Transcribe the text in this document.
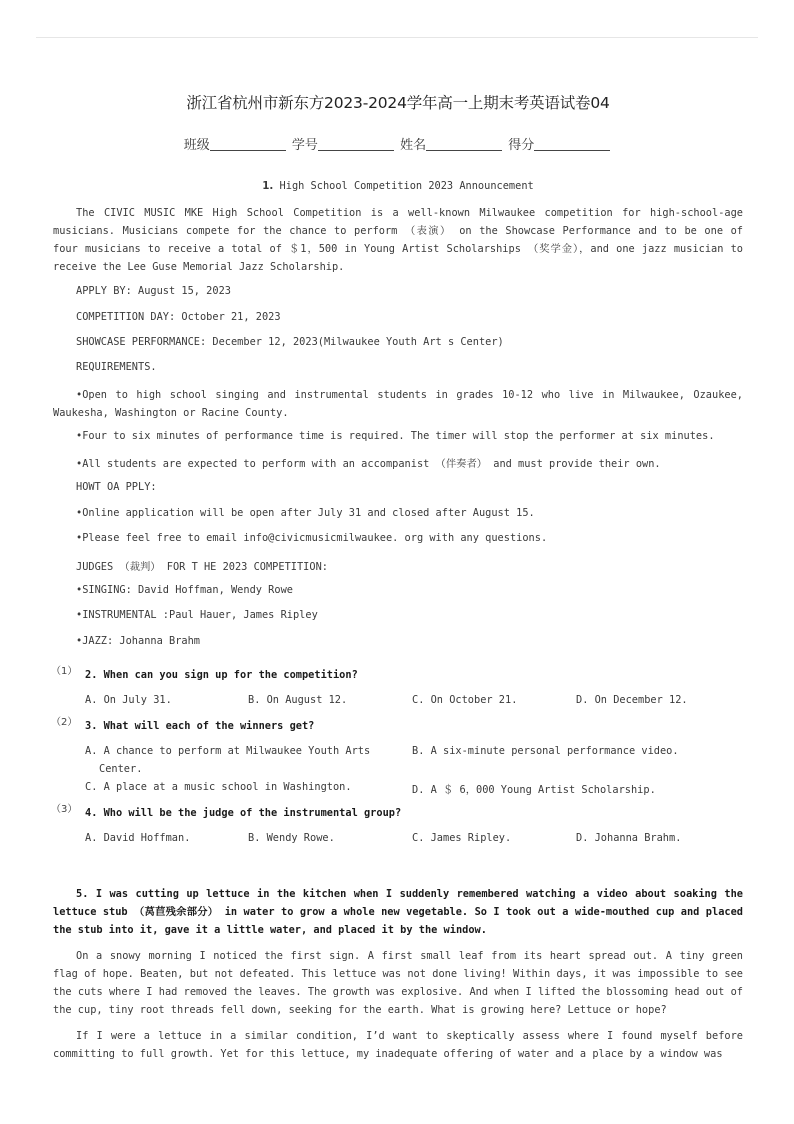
浙江省杭州市新东方2023-2024学年高一上期末考英语试卷04
班级	学号	姓名	得分
1. High School Competition 2023 Announcement
The CIVIC MUSIC MKE High School Competition is a well-known Milwaukee competition for high-school-age musicians. Musicians compete for the chance to perform （表演） on the Showcase Performance and to be one of four musicians to receive a total of ＄1，500 in Young Artist Scholarships （奖学金），and one jazz musician to receive the Lee Guse Memorial Jazz Scholarship.
APPLY BY: August 15, 2023
COMPETITION DAY: October 21, 2023
SHOWCASE PERFORMANCE: December 12, 2023(Milwaukee Youth Art s Center)
REQUIREMENTS.
•Open to high school singing and instrumental students in grades 10-12 who live in Milwaukee, Ozaukee, Waukesha, Washington or Racine County.
•Four to six minutes of performance time is required. The timer will stop the performer at six minutes.
•All students are expected to perform with an accompanist （伴奏者） and must provide their own.
HOWT OA PPLY:
•Online application will be open after July 31 and closed after August 15.
•Please feel free to email info@civicmusicmilwaukee. org with any questions.
JUDGES （裁判） FOR T HE 2023 COMPETITION:
•SINGING: David Hoffman, Wendy Rowe
•INSTRUMENTAL :Paul Hauer, James Ripley
•JAZZ: Johanna Brahm
（1） 2. When can you sign up for the competition?
A. On July 31.	B. On August 12.	C. On October 21.	D. On December 12.
（2） 3. What will each of the winners get?
A. A chance to perform at Milwaukee Youth Arts
Center.
B. A six-minute personal performance video.
C. A place at a music school in Washington.	D. A ＄ 6，000 Young Artist Scholarship.
（3） 4. Who will be the judge of the instrumental group?
A. David Hoffman.	B. Wendy Rowe.	C. James Ripley.	D. Johanna Brahm.
5. I was cutting up lettuce in the kitchen when I suddenly remembered watching a video about soaking the lettuce stub （莴苣残余部分） in water to grow a whole new vegetable. So I took out a wide-mouthed cup and placed the stub into it, gave it a little water, and placed it by the window.
On a snowy morning I noticed the first sign. A first small leaf from its heart spread out. A tiny green flag of hope. Beaten, but not defeated. This lettuce was not done living! Within days, it was impossible to see the cuts where I had removed the leaves. The growth was explosive. And when I lifted the blossoming head out of the cup, tiny root threads fell down, seeking for the earth. What is growing here? Lettuce or hope?
If I were a lettuce in a similar condition, I’d want to skeptically assess where I found myself before committing to full growth. Yet for this lettuce, my inadequate offering of water and a place by a window was
